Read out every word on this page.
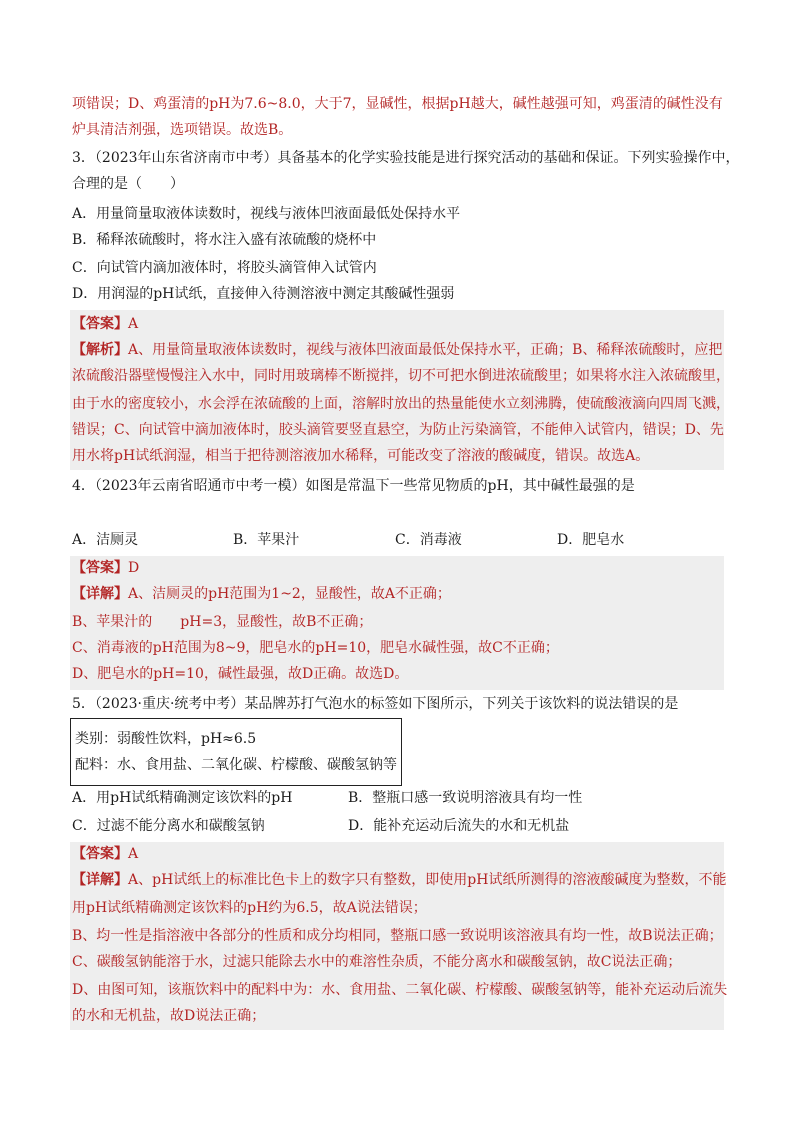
项错误；D、鸡蛋清的pH为7.6~8.0，大于7，显碱性，根据pH越大，碱性越强可知，鸡蛋清的碱性没有
炉具清洁剂强，选项错误。故选B。
3．（2023年山东省济南市中考）具备基本的化学实验技能是进行探究活动的基础和保证。下列实验操作中，
合理的是（　　）
A．用量筒量取液体读数时，视线与液体凹液面最低处保持水平
B．稀释浓硫酸时，将水注入盛有浓硫酸的烧杯中
C．向试管内滴加液体时，将胶头滴管伸入试管内
D．用润湿的pH试纸，直接伸入待测溶液中测定其酸碱性强弱
【答案】A
【解析】A、用量筒量取液体读数时，视线与液体凹液面最低处保持水平，正确；B、稀释浓硫酸时，应把
浓硫酸沿器壁慢慢注入水中，同时用玻璃棒不断搅拌，切不可把水倒进浓硫酸里；如果将水注入浓硫酸里，
由于水的密度较小，水会浮在浓硫酸的上面，溶解时放出的热量能使水立刻沸腾，使硫酸液滴向四周飞溅，
错误；C、向试管中滴加液体时，胶头滴管要竖直悬空，为防止污染滴管，不能伸入试管内，错误；D、先
用水将pH试纸润湿，相当于把待测溶液加水稀释，可能改变了溶液的酸碱度，错误。故选A。
4．（2023年云南省昭通市中考一模）如图是常温下一些常见物质的pH，其中碱性最强的是
A．洁厕灵	B．苹果汁	C．消毒液	D．肥皂水
【答案】D
【详解】A、洁厕灵的pH范围为1~2，显酸性，故A不正确；
B、苹果汁的　　pH=3，显酸性，故B不正确；
C、消毒液的pH范围为8~9，肥皂水的pH=10，肥皂水碱性强，故C不正确；
D、肥皂水的pH=10，碱性最强，故D正确。故选D。
5．（2023·重庆·统考中考）某品牌苏打气泡水的标签如下图所示，下列关于该饮料的说法错误的是
类别：弱酸性饮料，pH≈6.5
配料：水、食用盐、二氧化碳、柠檬酸、碳酸氢钠等
A．用pH试纸精确测定该饮料的pH	B．整瓶口感一致说明溶液具有均一性
C．过滤不能分离水和碳酸氢钠	D．能补充运动后流失的水和无机盐
【答案】A
【详解】A、pH试纸上的标准比色卡上的数字只有整数，即使用pH试纸所测得的溶液酸碱度为整数，不能
用pH试纸精确测定该饮料的pH约为6.5，故A说法错误；
B、均一性是指溶液中各部分的性质和成分均相同，整瓶口感一致说明该溶液具有均一性，故B说法正确；
C、碳酸氢钠能溶于水，过滤只能除去水中的难溶性杂质，不能分离水和碳酸氢钠，故C说法正确；
D、由图可知，该瓶饮料中的配料中为：水、食用盐、二氧化碳、柠檬酸、碳酸氢钠等，能补充运动后流失
的水和无机盐，故D说法正确；
